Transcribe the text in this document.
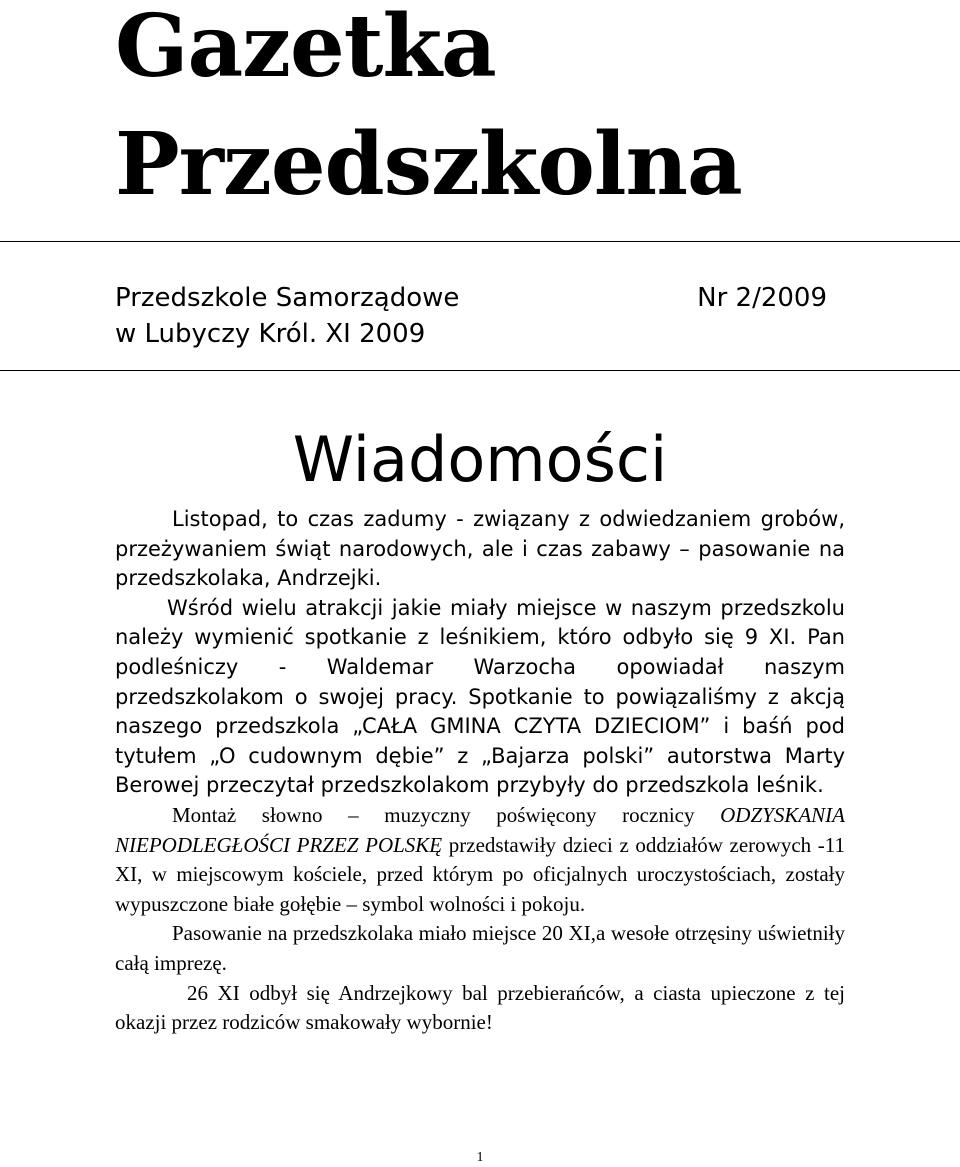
Gazetka
Przedszkolna
Przedszkole Samorządowe
w Lubyczy Król. XI 2009
Nr 2/2009
Wiadomości

Listopad, to czas zadumy - związany z odwiedzaniem grobów, przeżywaniem świąt narodowych, ale i czas zabawy – pasowanie na przedszkolaka, Andrzejki.

Wśród wielu atrakcji jakie miały miejsce w naszym przedszkolu należy wymienić spotkanie z leśnikiem, któro odbyło się 9 XI. Pan podleśniczy - Waldemar Warzocha opowiadał naszym przedszkolakom o swojej pracy. Spotkanie to powiązaliśmy z akcją naszego przedszkola „CAŁA GMINA CZYTA DZIECIOM” i baśń pod tytułem „O cudownym dębie” z „Bajarza polski” autorstwa Marty Berowej przeczytał przedszkolakom przybyły do przedszkola leśnik.

Montaż słowno – muzyczny poświęcony rocznicy ODZYSKANIA NIEPODLEGŁOŚCI PRZEZ POLSKĘ przedstawiły dzieci z oddziałów zerowych -11 XI, w miejscowym kościele, przed którym po oficjalnych uroczystościach, zostały wypuszczone białe gołębie – symbol wolności i pokoju.

Pasowanie na przedszkolaka miało miejsce 20 XI,a wesołe otrzęsiny uświetniły całą imprezę.

26 XI odbył się Andrzejkowy bal przebierańców, a ciasta upieczone z tej okazji przez rodziców smakowały wybornie!

1
